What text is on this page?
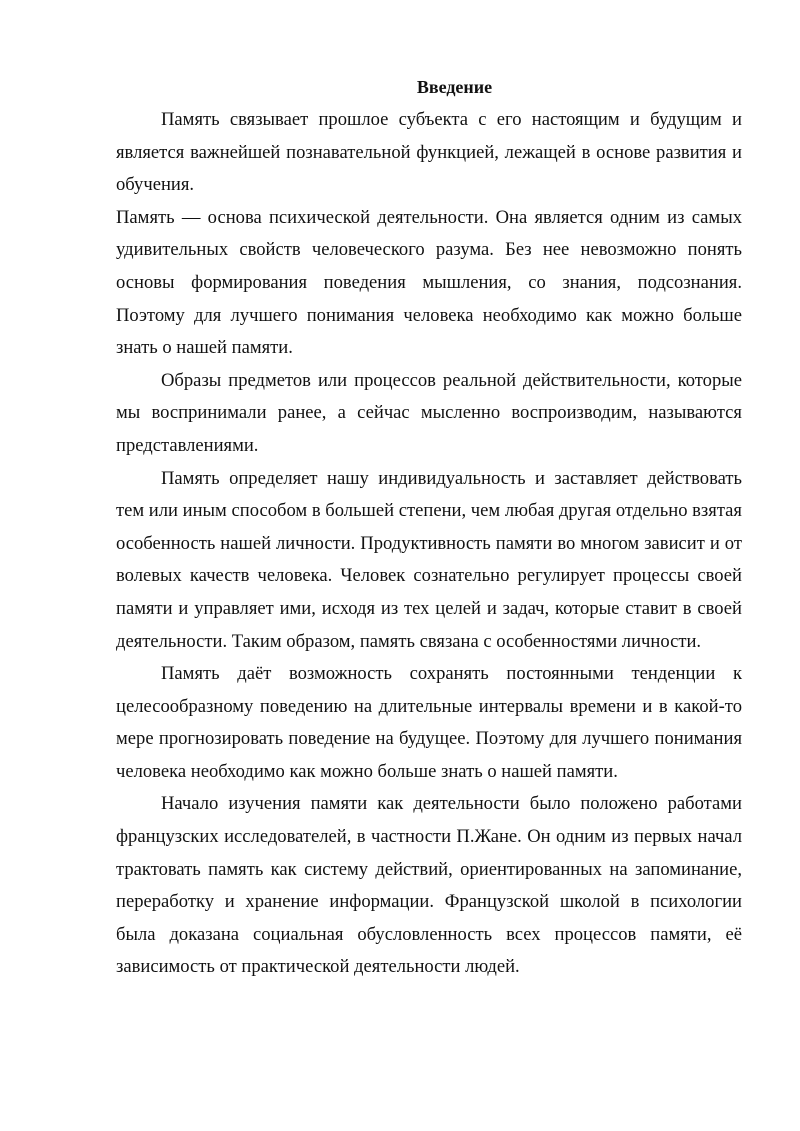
Введение

Память связывает прошлое субъекта с его настоящим и будущим и является важнейшей познавательной функцией, лежащей в основе развития и обучения.

Память — основа психической деятельности. Она является одним из самых удивительных свойств человеческого разума. Без нее невозможно понять основы формирования поведения мышления, со знания, подсознания. Поэтому для лучшего понимания человека необходимо как можно больше знать о нашей памяти.

Образы предметов или процессов реальной действительности, которые мы воспринимали ранее, а сейчас мысленно воспроизводим, называются представлениями.

Память определяет нашу индивидуальность и заставляет действовать тем или иным способом в большей степени, чем любая другая отдельно взятая особенность нашей личности. Продуктивность памяти во многом зависит и от волевых качеств человека. Человек сознательно регулирует процессы своей памяти и управляет ими, исходя из тех целей и задач, которые ставит в своей деятельности. Таким образом, память связана с особенностями личности.

Память даёт возможность сохранять постоянными тенденции к целесообразному поведению на длительные интервалы времени и в какой-то мере прогнозировать поведение на будущее. Поэтому для лучшего понимания человека необходимо как можно больше знать о нашей памяти.

Начало изучения памяти как деятельности было положено работами французских исследователей, в частности П.Жане. Он одним из первых начал трактовать память как систему действий, ориентированных на запоминание, переработку и хранение информации. Французской школой в психологии была доказана социальная обусловленность всех процессов памяти, её зависимость от практической деятельности людей.
